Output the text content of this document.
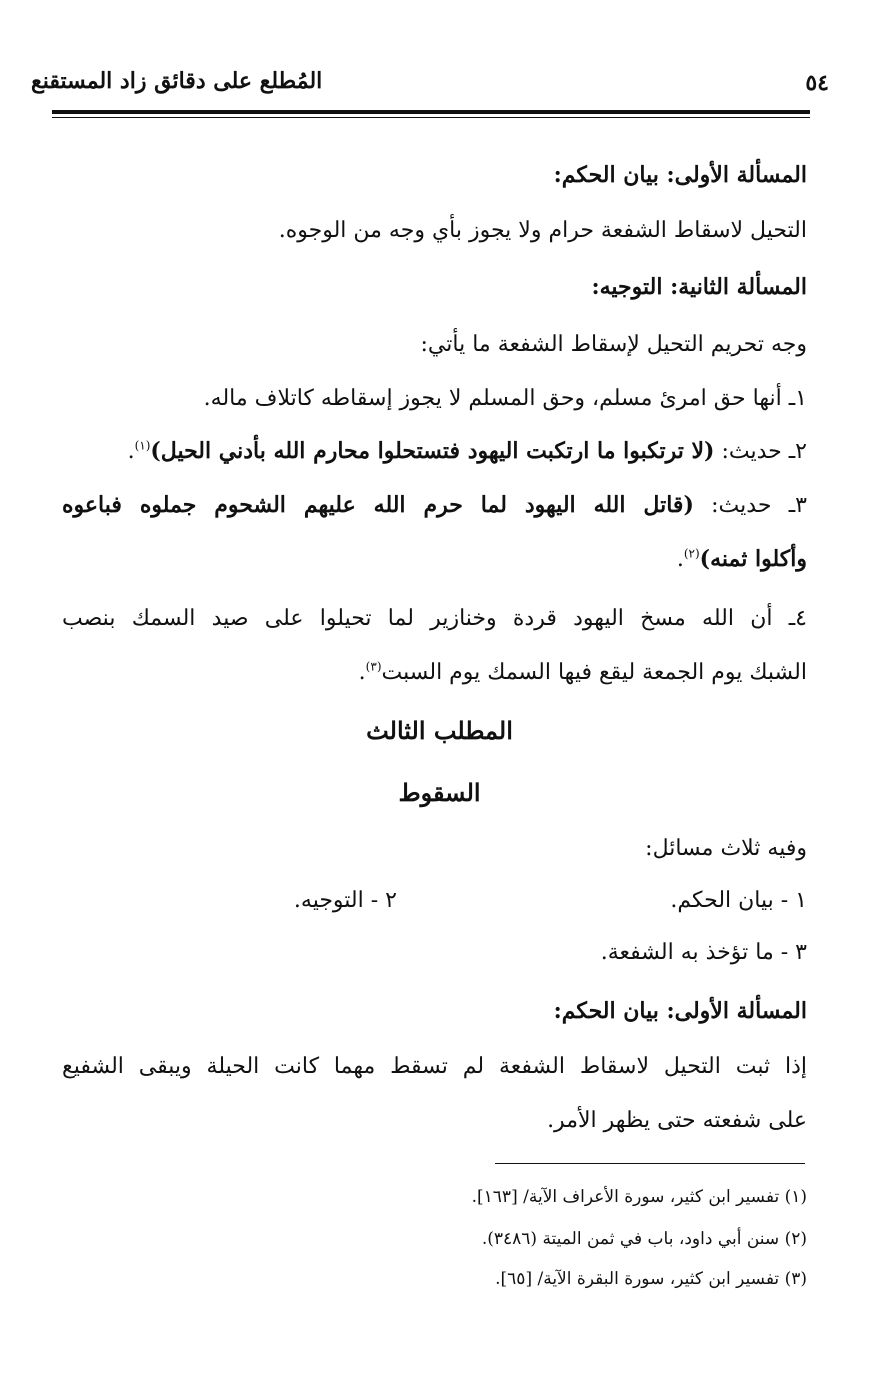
المُطلع على دقائق زاد المستقنع	٥٤
المسألة الأولى: بيان الحكم:
التحيل لاسقاط الشفعة حرام ولا يجوز بأي وجه من الوجوه.
المسألة الثانية: التوجيه:
وجه تحريم التحيل لإسقاط الشفعة ما يأتي:
١ـ أنها حق امرئ مسلم، وحق المسلم لا يجوز إسقاطه كاتلاف ماله.
٢ـ حديث: (لا ترتكبوا ما ارتكبت اليهود فتستحلوا محارم الله بأدني الحيل)$^{(١)}$.
٣ـ حديث: (قاتل الله اليهود لما حرم الله عليهم الشحوم جملوه فباعوه
وأكلوا ثمنه)$^{(٢)}$.
٤ـ أن الله مسخ اليهود قردة وخنازير لما تحيلوا على صيد السمك بنصب
الشبك يوم الجمعة ليقع فيها السمك يوم السبت$^{(٣)}$.
المطلب الثالث
السقوط
وفيه ثلاث مسائل:
١ - بيان الحكم.
٢ - التوجيه.
٣ - ما تؤخذ به الشفعة.
المسألة الأولى: بيان الحكم:
إذا ثبت التحيل لاسقاط الشفعة لم تسقط مهما كانت الحيلة ويبقى الشفيع
على شفعته حتى يظهر الأمر.
(١) تفسير ابن كثير، سورة الأعراف الآية/ [١٦٣].
(٢) سنن أبي داود، باب في ثمن الميتة (٣٤٨٦).
(٣) تفسير ابن كثير، سورة البقرة الآية/ [٦٥].
